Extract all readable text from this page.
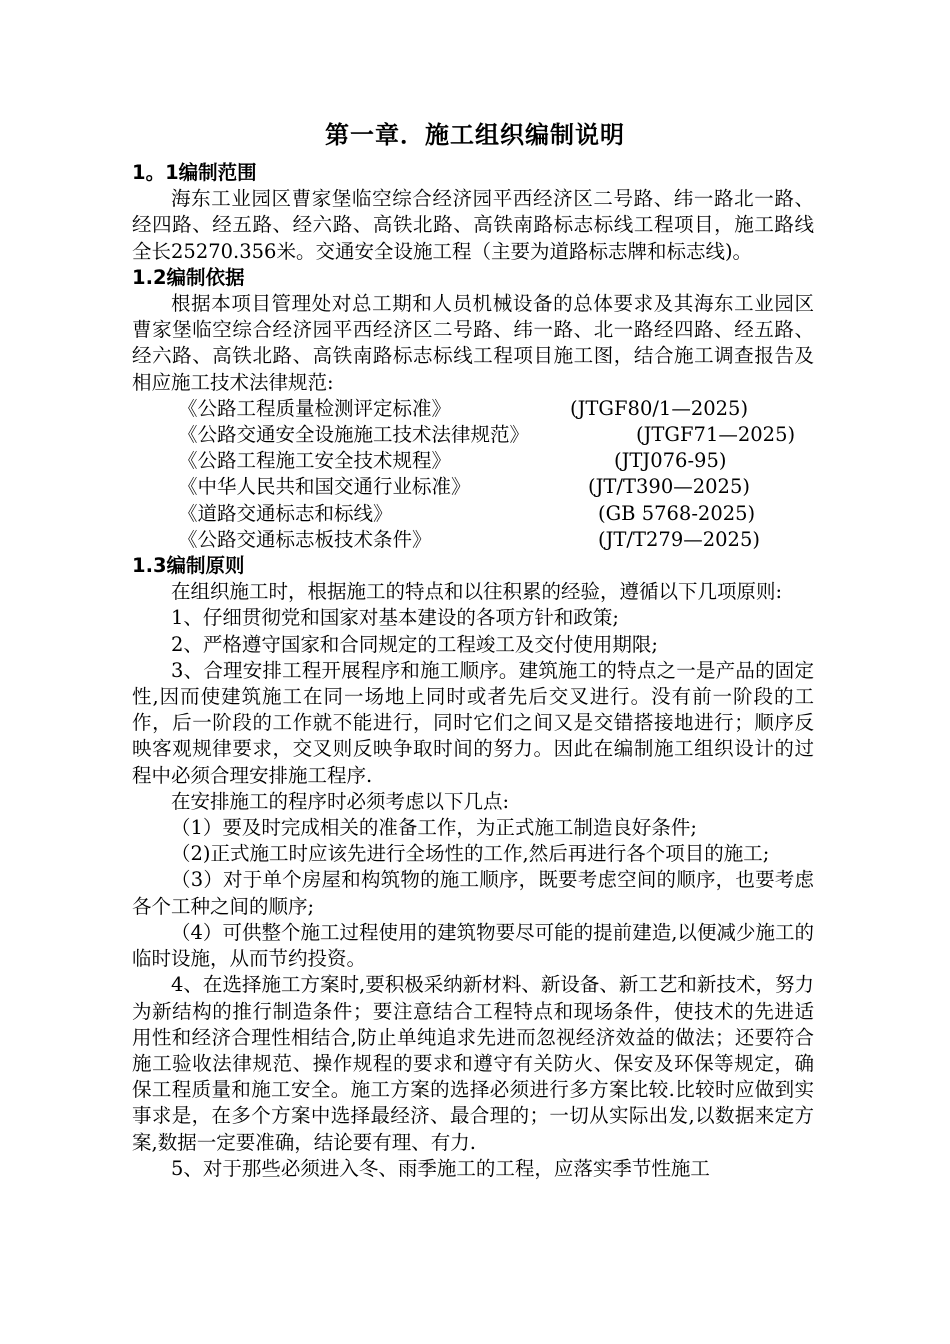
第一章．施工组织编制说明

1。1编制范围

海东工业园区曹家堡临空综合经济园平西经济区二号路、纬一路北一路、经四路、经五路、经六路、高铁北路、高铁南路标志标线工程项目，施工路线全长25270.356米。交通安全设施工程（主要为道路标志牌和标志线)。

1.2编制依据

根据本项目管理处对总工期和人员机械设备的总体要求及其海东工业园区曹家堡临空综合经济园平西经济区二号路、纬一路、北一路经四路、经五路、经六路、高铁北路、高铁南路标志标线工程项目施工图，结合施工调查报告及相应施工技术法律规范:

《公路工程质量检测评定标准》	(JTGF80/1—2025)
《公路交通安全设施施工技术法律规范》	(JTGF71—2025)
《公路工程施工安全技术规程》	(JTJ076-95)
《中华人民共和国交通行业标准》	(JT/T390—2025)
《道路交通标志和标线》	(GB 5768-2025)
《公路交通标志板技术条件》	(JT/T279—2025)

1.3编制原则

在组织施工时，根据施工的特点和以往积累的经验，遵循以下几项原则:

1、仔细贯彻党和国家对基本建设的各项方针和政策;

2、严格遵守国家和合同规定的工程竣工及交付使用期限;

3、合理安排工程开展程序和施工顺序。建筑施工的特点之一是产品的固定性,因而使建筑施工在同一场地上同时或者先后交叉进行。没有前一阶段的工作，后一阶段的工作就不能进行，同时它们之间又是交错搭接地进行；顺序反映客观规律要求，交叉则反映争取时间的努力。因此在编制施工组织设计的过程中必须合理安排施工程序.

在安排施工的程序时必须考虑以下几点:

（1）要及时完成相关的准备工作，为正式施工制造良好条件;

（2)正式施工时应该先进行全场性的工作,然后再进行各个项目的施工;

（3）对于单个房屋和构筑物的施工顺序，既要考虑空间的顺序，也要考虑各个工种之间的顺序;

（4）可供整个施工过程使用的建筑物要尽可能的提前建造,以便减少施工的临时设施，从而节约投资。

4、在选择施工方案时,要积极采纳新材料、新设备、新工艺和新技术，努力为新结构的推行制造条件；要注意结合工程特点和现场条件，使技术的先进适用性和经济合理性相结合,防止单纯追求先进而忽视经济效益的做法；还要符合施工验收法律规范、操作规程的要求和遵守有关防火、保安及环保等规定，确保工程质量和施工安全。施工方案的选择必须进行多方案比较.比较时应做到实事求是，在多个方案中选择最经济、最合理的；一切从实际出发,以数据来定方案,数据一定要准确，结论要有理、有力.

5、对于那些必须进入冬、雨季施工的工程，应落实季节性施工
